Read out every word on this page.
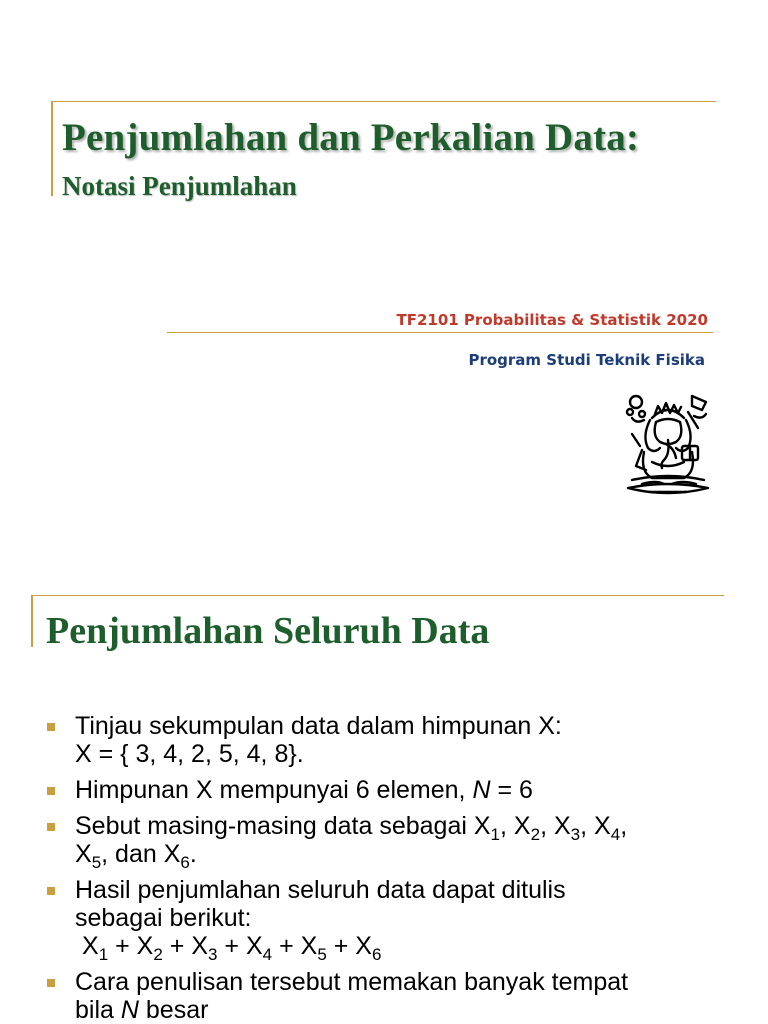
Penjumlahan dan Perkalian Data:
Notasi Penjumlahan
TF2101 Probabilitas & Statistik 2020
Program Studi Teknik Fisika
Penjumlahan Seluruh Data
Tinjau sekumpulan data dalam himpunan X:
X = { 3, 4, 2, 5, 4, 8}.
Himpunan X mempunyai 6 elemen, N = 6
Sebut masing-masing data sebagai $X_1$, $X_2$, $X_3$, $X_4$,
$X_5$, dan $X_6$.
Hasil penjumlahan seluruh data dapat ditulis
sebagai berikut:
$X_1 + X_2 + X_3 + X_4 + X_5 + X_6$
Cara penulisan tersebut memakan banyak tempat
bila N besar
